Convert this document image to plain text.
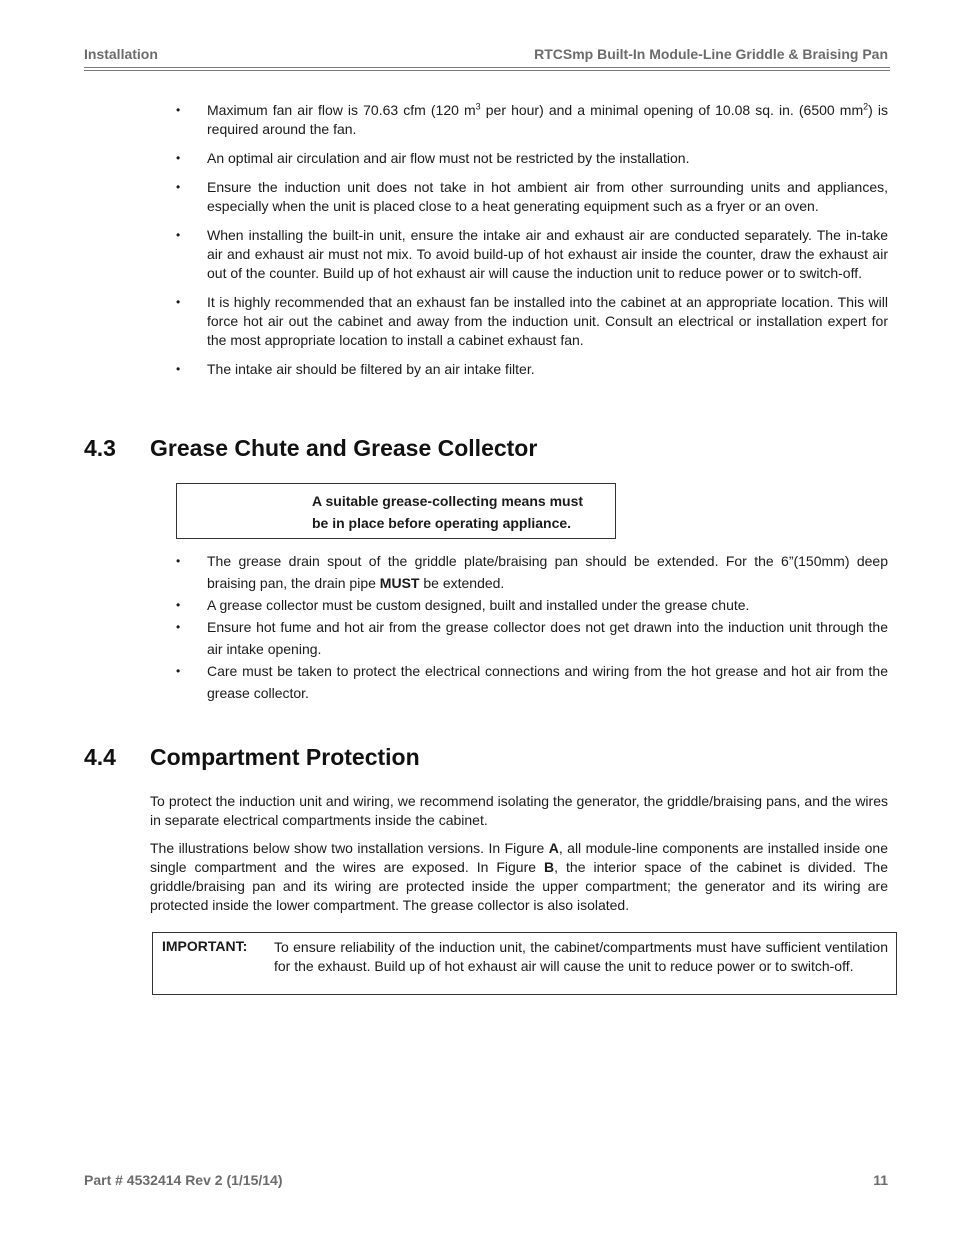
Installation	RTCSmp Built-In Module-Line Griddle & Braising Pan
• Maximum fan air flow is 70.63 cfm (120 $m^3$ per hour) and a minimal opening of 10.08 sq. in. (6500 $mm^2$) is required around the fan.
• An optimal air circulation and air flow must not be restricted by the installation.
• Ensure the induction unit does not take in hot ambient air from other surrounding units and appliances, especially when the unit is placed close to a heat generating equipment such as a fryer or an oven.
• When installing the built-in unit, ensure the intake air and exhaust air are conducted separately. The in-take air and exhaust air must not mix. To avoid build-up of hot exhaust air inside the counter, draw the exhaust air out of the counter. Build up of hot exhaust air will cause the induction unit to reduce power or to switch-off.
• It is highly recommended that an exhaust fan be installed into the cabinet at an appropriate location. This will force hot air out the cabinet and away from the induction unit. Consult an electrical or installation expert for the most appropriate location to install a cabinet exhaust fan.
• The intake air should be filtered by an air intake filter.
4.3 Grease Chute and Grease Collector
A suitable grease-collecting means must
be in place before operating appliance.
• The grease drain spout of the griddle plate/braising pan should be extended. For the 6”(150mm) deep braising pan, the drain pipe MUST be extended.
• A grease collector must be custom designed, built and installed under the grease chute.
• Ensure hot fume and hot air from the grease collector does not get drawn into the induction unit through the air intake opening.
• Care must be taken to protect the electrical connections and wiring from the hot grease and hot air from the grease collector.
4.4 Compartment Protection

To protect the induction unit and wiring, we recommend isolating the generator, the griddle/braising pans, and the wires in separate electrical compartments inside the cabinet.

The illustrations below show two installation versions. In Figure A, all module-line components are installed inside one single compartment and the wires are exposed. In Figure B, the interior space of the cabinet is divided. The griddle/braising pan and its wiring are protected inside the upper compartment; the generator and its wiring are protected inside the lower compartment. The grease collector is also isolated.

IMPORTANT: To ensure reliability of the induction unit, the cabinet/compartments must have sufficient ventilation for the exhaust. Build up of hot exhaust air will cause the unit to reduce power or to switch-off.
Part # 4532414 Rev 2 (1/15/14)	11
